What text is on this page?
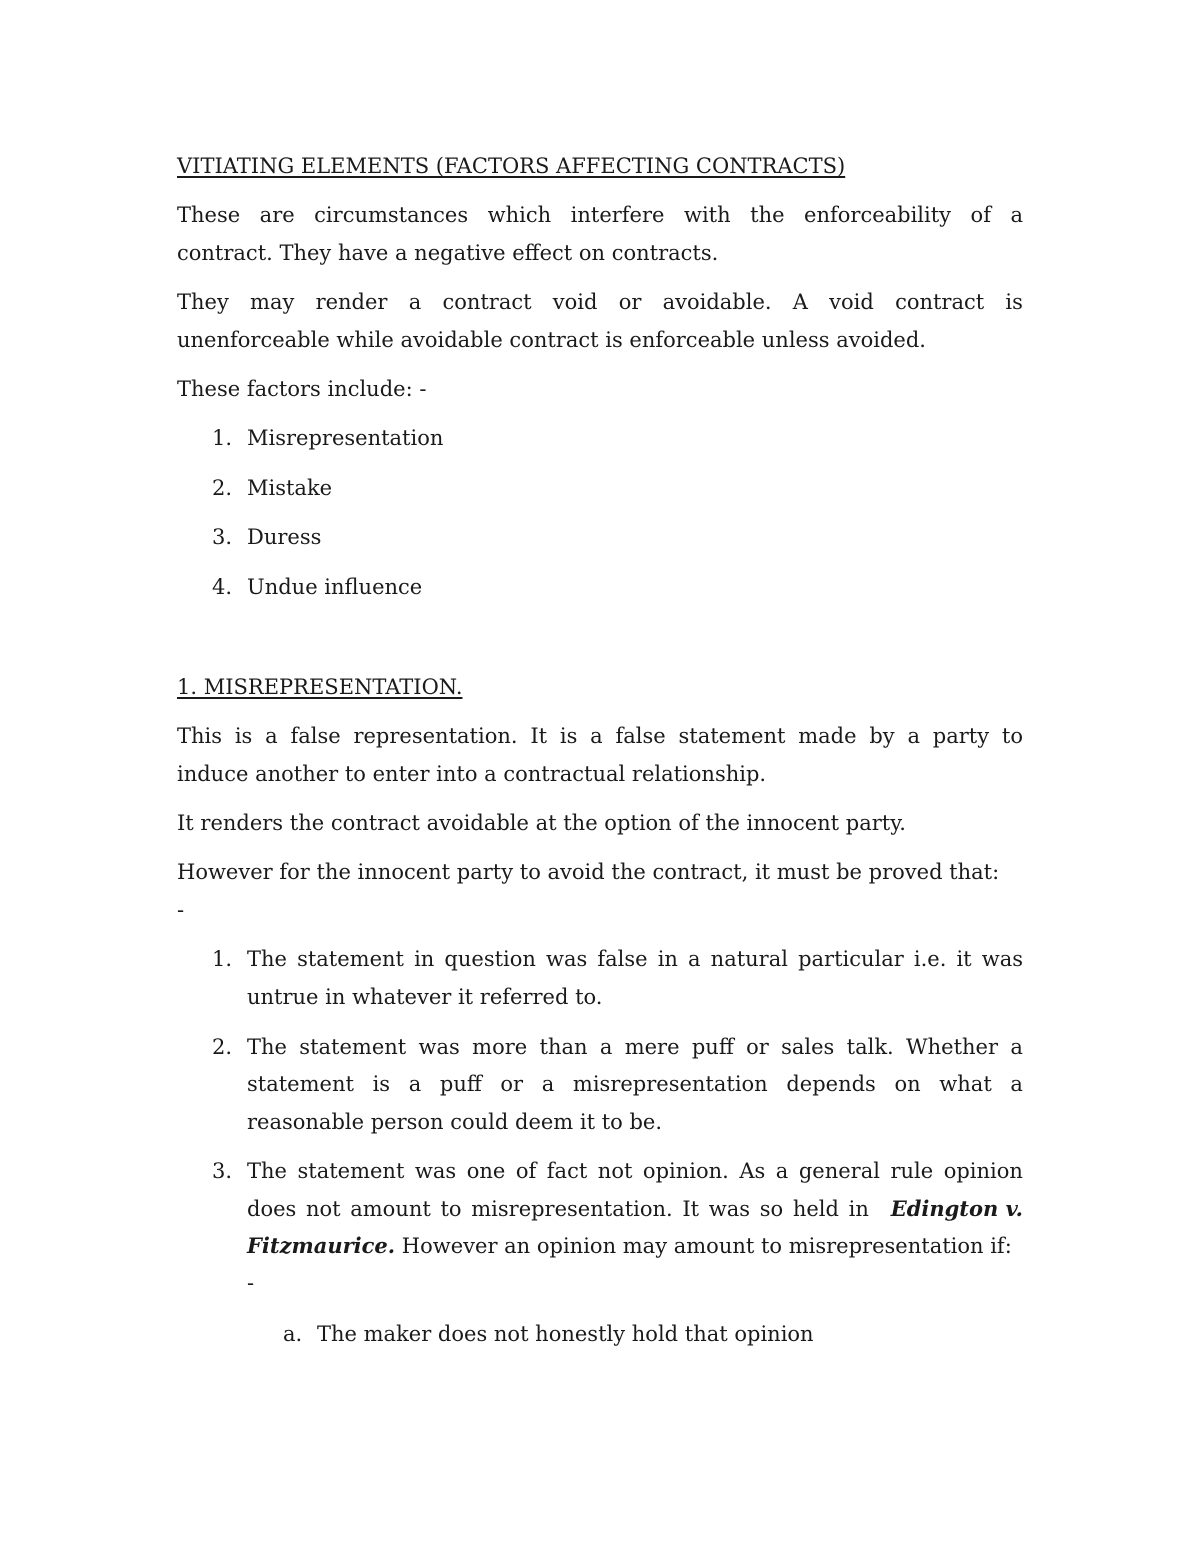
VITIATING ELEMENTS (FACTORS AFFECTING CONTRACTS)
These are circumstances which interfere with the enforceability of a
contract. They have a negative effect on contracts.
They may render a contract void or avoidable. A void contract is
unenforceable while avoidable contract is enforceable unless avoided.
These factors include: -
1. Misrepresentation
2. Mistake
3. Duress
4. Undue influence
1. MISREPRESENTATION.
This is a false representation. It is a false statement made by a party to
induce another to enter into a contractual relationship.
It renders the contract avoidable at the option of the innocent party.
However for the innocent party to avoid the contract, it must be proved that:
-
1. The statement in question was false in a natural particular i.e. it was
untrue in whatever it referred to.
2. The statement was more than a mere puff or sales talk. Whether a
statement is a puff or a misrepresentation depends on what a
reasonable person could deem it to be.
3. The statement was one of fact not opinion. As a general rule opinion
does not amount to misrepresentation. It was so held in Edington v.
Fitzmaurice. However an opinion may amount to misrepresentation if:
-
a. The maker does not honestly hold that opinion
